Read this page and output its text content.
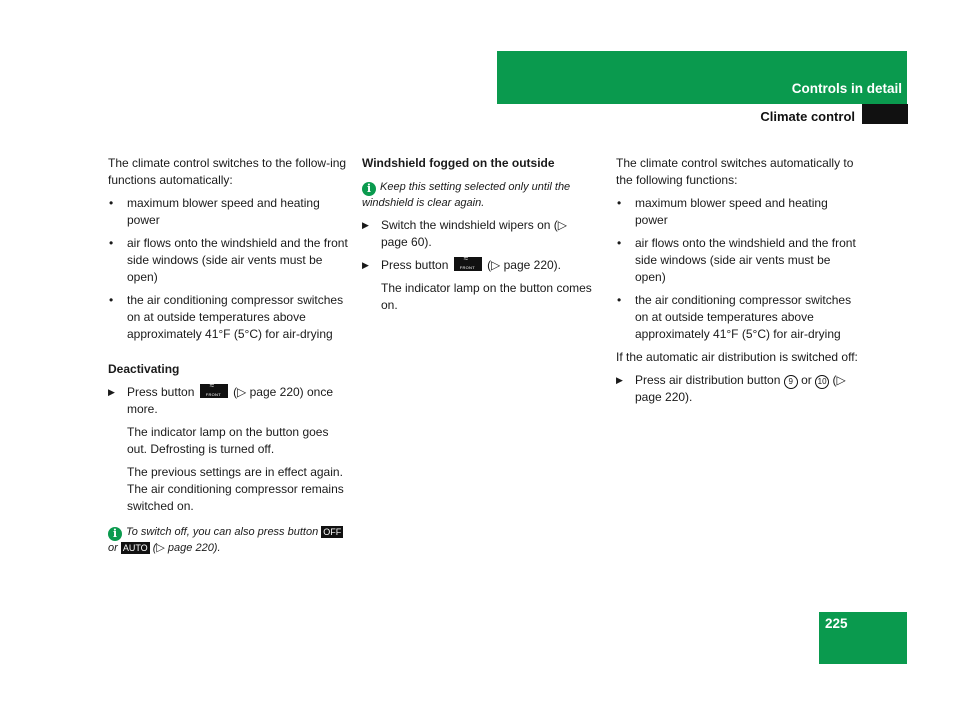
Controls in detail
Climate control

The climate control switches to the follow-ing functions automatically:

• maximum blower speed and heating power
• air flows onto the windshield and the front side windows (side air vents must be open)
• the air conditioning compressor switches on at outside temperatures above approximately 41°F (5°C) for air-drying

Deactivating

▶ Press button ≈
FRONT (▷ page 220) once more.

The indicator lamp on the button goes out. Defrosting is turned off.

The previous settings are in effect again. The air conditioning compressor remains switched on.

i To switch off, you can also press button OFF or AUTO (▷ page 220).

Windshield fogged on the outside

i Keep this setting selected only until the windshield is clear again.
▶ Switch the windshield wipers on (▷ page 60).
▶ Press button ≈
FRONT (▷ page 220).

The indicator lamp on the button comes on.

The climate control switches automatically to the following functions:

• maximum blower speed and heating power
• air flows onto the windshield and the front side windows (side air vents must be open)
• the air conditioning compressor switches on at outside temperatures above approximately 41°F (5°C) for air-drying

If the automatic air distribution is switched off:

▶ Press air distribution button 9 or 10 (▷ page 220).
225
